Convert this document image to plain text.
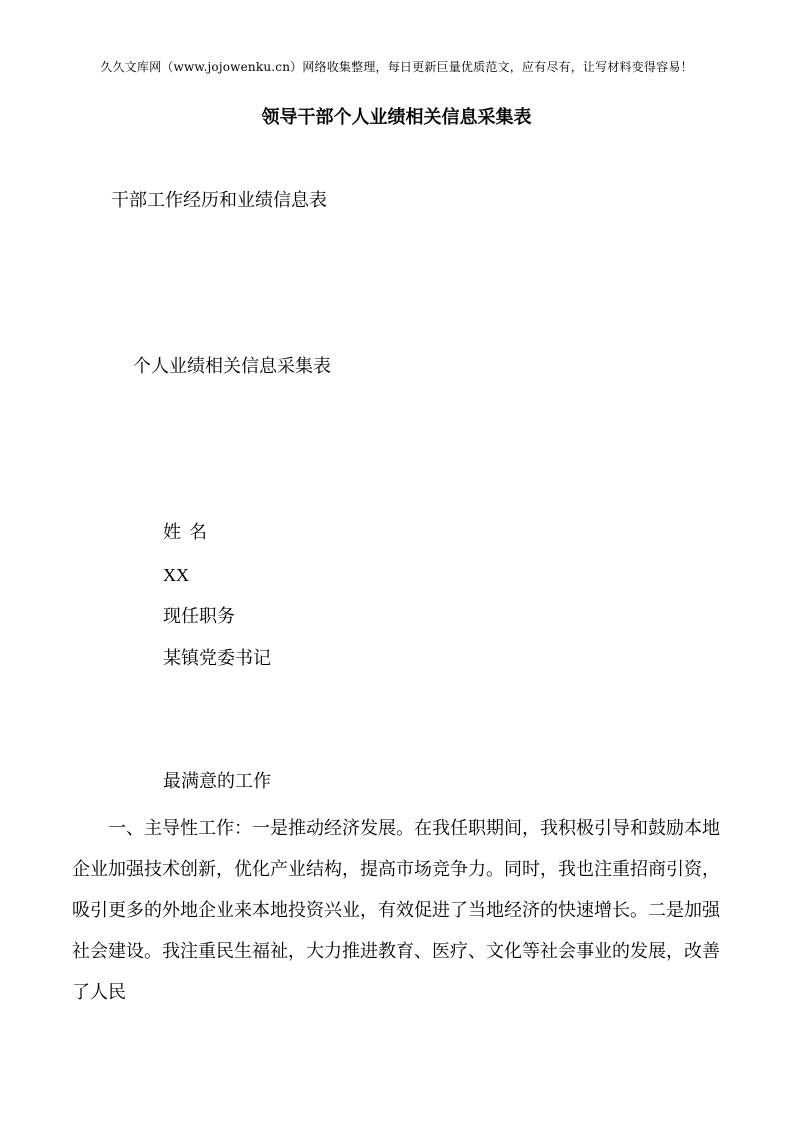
久久文库网（www.jojowenku.cn）网络收集整理，每日更新巨量优质范文，应有尽有，让写材料变得容易！
领导干部个人业绩相关信息采集表
干部工作经历和业绩信息表
个人业绩相关信息采集表
姓名
XX
现任职务
某镇党委书记
最满意的工作
一、主导性工作：一是推动经济发展。在我任职期间，我积极引导和鼓励本地企业加强技术创新，优化产业结构，提高市场竞争力。同时，我也注重招商引资，吸引更多的外地企业来本地投资兴业，有效促进了当地经济的快速增长。二是加强社会建设。我注重民生福祉，大力推进教育、医疗、文化等社会事业的发展，改善了人民
